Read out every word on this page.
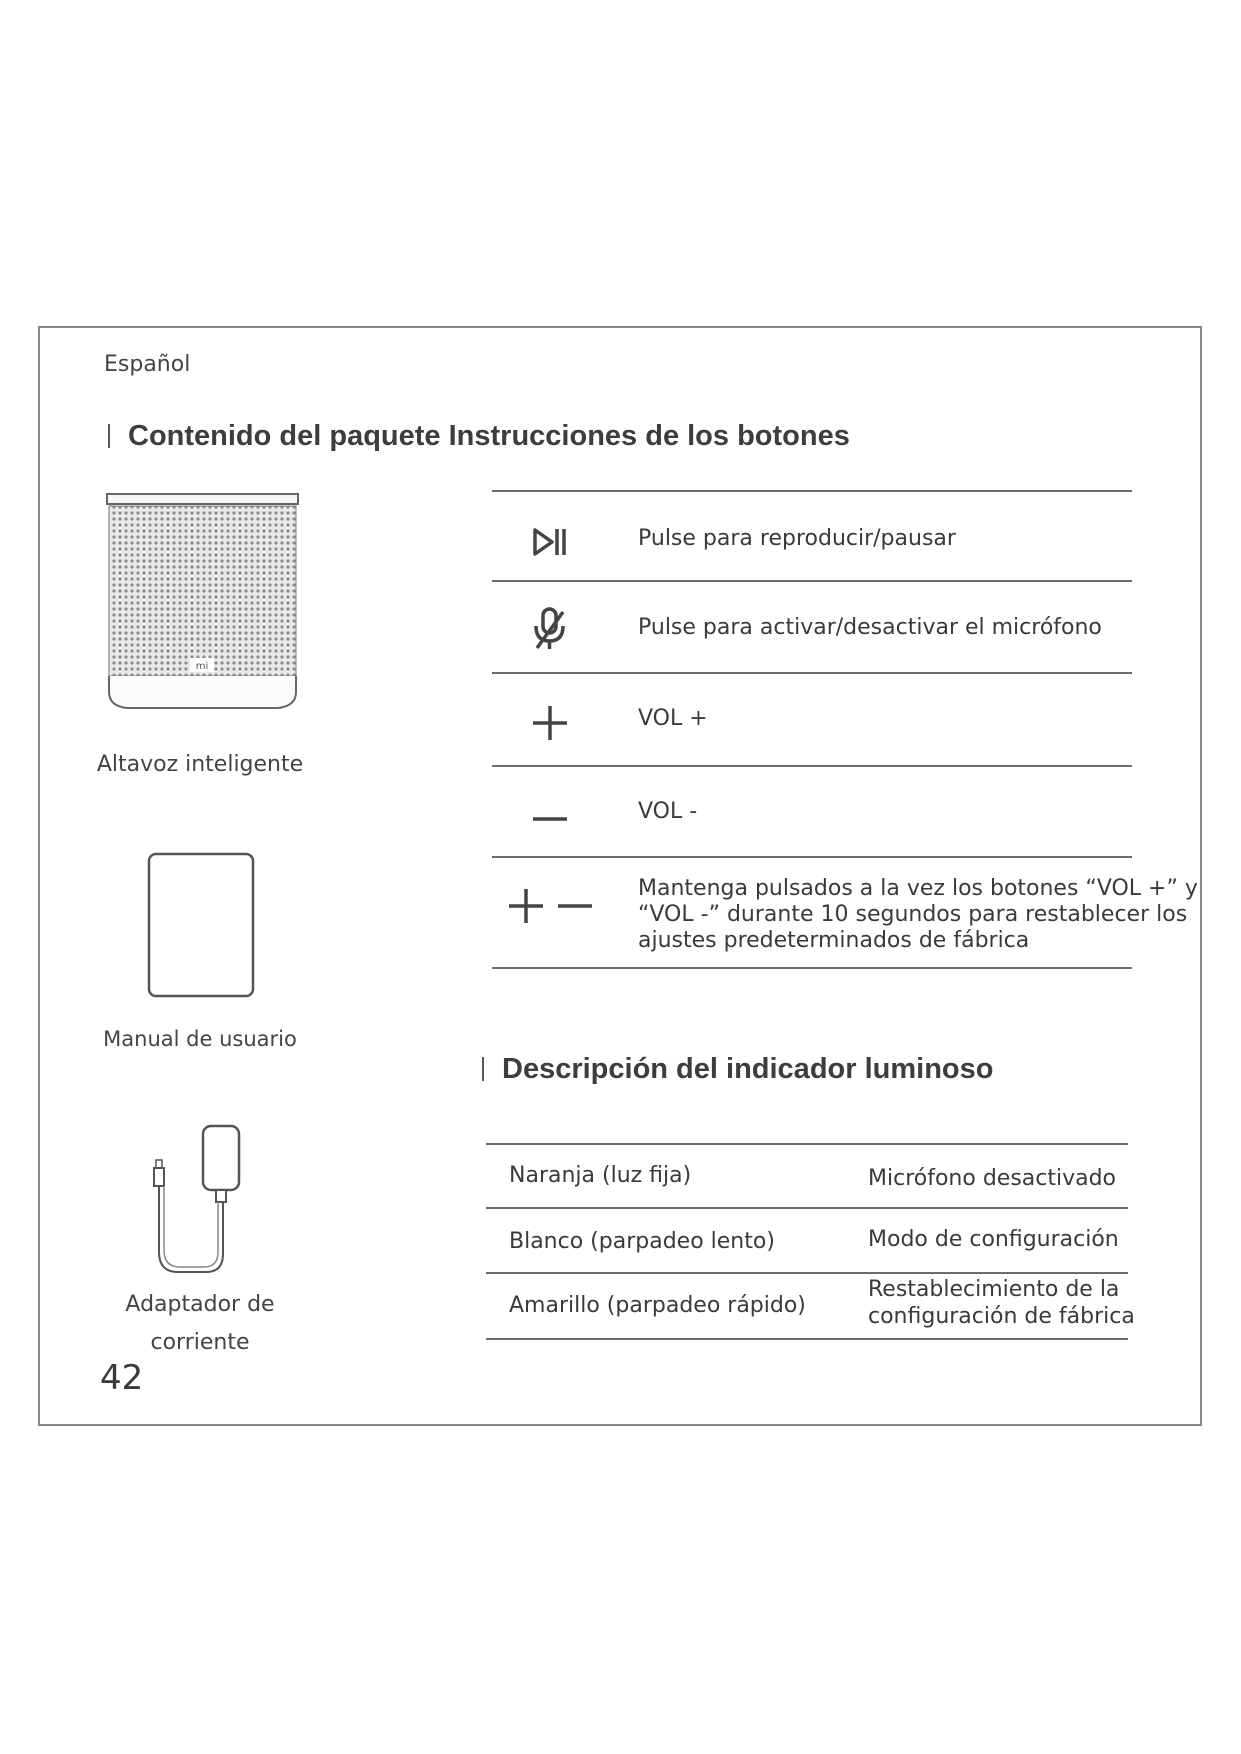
Español
Contenido del paquete Instrucciones de los botones
mi
Altavoz inteligente
Manual de usuario
Adaptador de
corriente
Pulse para reproducir/pausar
Pulse para activar/desactivar el micrófono
VOL +
VOL -
Mantenga pulsados a la vez los botones “VOL +” y
“VOL -” durante 10 segundos para restablecer los
ajustes predeterminados de fábrica
Descripción del indicador luminoso
Naranja (luz fija)	Micrófono desactivado
Blanco (parpadeo lento)	Modo de configuración
Amarillo (parpadeo rápido)
Restablecimiento de la
configuración de fábrica
42
